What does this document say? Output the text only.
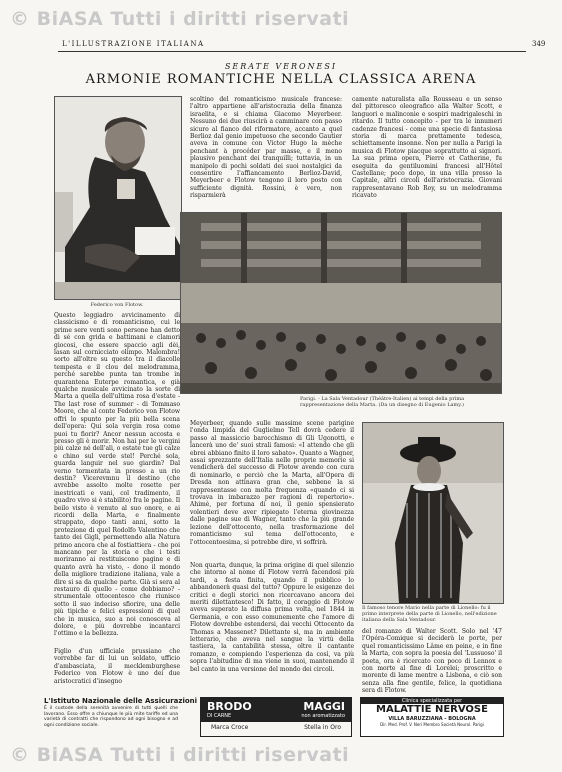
© BiASA Tutti i diritti riservati
L'ILLUSTRAZIONE ITALIANA	349
SERATE VERONESI
ARMONIE ROMANTICHE NELLA CLASSICA ARENA
Federico von Flotow.
scoltino del romanticismo musicale francese: l'altro appartiene all'aristocrazia della finanza israelita, e si chiama Giacomo Meyerbeer. Nessuno dei due riuscirà a camminare con passo sicuro al fianco del riformatore, accanto a quel Berlioz dal genio impetuoso che secondo Gautier aveva in comune con Victor Hugo la mèche penchant à procéder par masse, e il meno plausivo penchant dei tranquilli; tuttavia, in un manipolo di pochi soldati dei suoi nostalgici da consentire l'affiancamento Berlioz-David, Meyerbeer e Flotow tengono il loro posto con sufficiente dignità. Rossini, è vero, non risparmierà
camente naturalista alla Rousseau e un senso del pittoresco oleografico alla Walter Scott, e languori e malinconie e sospiri madrigaleschi in ritardo. Il tutto concepito - per tra le innumeri cadenze francesi - come una specie di fantasiosa storia di marca prettamente tedesca, schiettamente insonne. Non per nulla a Parigi la musica di Flotow piacque soprattutto ai signori. La sua prima opera, Pierre et Catherine, fu eseguita da gentiluomini francesi all'Hôtel Castellane; poco dopo, in una villa presso la Capitale, altri circoli dell'aristocrazia. Giovani rappresentavano Rob Roy, su un melodramma ricavato
Parigi. - La Sala Ventadour (Théâtre-Italien) ai tempi della prima rappresentazione della Marta. (Da un disegno di Eugenio Lamy.)
Questo leggiadro avvicinamento di classicismo e di romanticismo, cui le prime sere venti sono persone han detto di sé con grida e battimani e clamori giocosi, che essere spaccio agli dèi, lasan sul cornicciato olimpo. Malombra! sorto all'oltre su questo tra il diacolle tempesta e il clou del melodramma, perché sarebbe punta tan trombe in quarantena Euterpe romantica, e già qualche musicale avvicinato la sorte di Marta a quella dell'ultima rosa d'estate - The last rose of summer - di Tommaso Moore, che al conte Federico von Flotow offrì lo spunto per la più bella scena dell'opera: Qui sola vergin rosa come puoi tu fiorir? Ancor nessun accosta e presso gli è morir. Non hai per le vergini più calze né dell'ali, o estate tue gli calze e chino sul verde stel! Perché sola, guarda languir nel suo giardin? Dal verno tormentata in presso a un rio destin? Vicerevmnu il destino (che avrebbe assolto molte rosette per inestricati e vani, col tradimento, il quadro vivo si è stabilito) fra le pagine. Il beilo visto è venuto al suo onore, e ai ricordi della Marta, e finalmente strappato, dopo tanti anni, sotto la protezione di quel Rodolfo Valentino che tanto dei Gigli, permettendo alla Natura primo ancora che al fostiattiera - che poi mancano per la storia e che i testi moriranno ai restituiscono pagine e di quanto avrà ha visto, - dono il mondo della migliore tradizione italiana, vale a dire si sa da qualche parte. Già si sera al restauro di quello - come dobbiamo? - strumentale ottocentesco che riunisce sotto il suo indeciso sfiorire, una delle più tipiche e felici espressioni di quel che in musica, suo a noi conosceva al dolore, e più dovrebbe incantarci l'ottimo e la bellezza.
Figlio d'un ufficiale prussiano che vorrebbe far di lui un soldato, ufficio d'ambasciata, il mecklemburghese Federico von Flotow è uno dei due aristocratici d'insegno
Meyerbeer, quando sulle massime scene parigine l'onda limpida del Guglielmo Tell dovrà cedere il passo al massiccio barocchismo di Gli Ugonotti, e lancerà uno de' suoi strali famosi: «I attendo che gli ebrei abbiano finito il loro sabato». Quanto a Wagner, assai sprezzante dell'Italia nelle proprie memorie si vendicherà del successo di Flotow avendo con cura di nominarlo, e perciò che la Marta, all'Opera di Dresda non attinava gran che, sebbene la si rappresentasse con molta frequenza «quando ci si trovava in imbarazzo per ragioni di repertorio». Ahimè, per fortuna di noi, il genio spensierato volentieri deve aver ripiegato l'eterna giovinezza dalle pagine sue di Wagner, tanto che la più grande lezione dell'ottocento, nella trasformazione del romanticismo sul tema dell'ottocento, e l'ottocentoesima, si potrebbe dire, vi soffrirà.
Non quarta, dunque, la prima origine di quel silenzio che intorno al nome di Flotow verrà facendosi più tardi, a festa finita, quando il pubblico lo abbandonerà quasi del tutto? Oppure le esigenze dei critici e degli storici non ricercavano ancora dei meriti dilettantesco! Di fatto, il coraggio di Flotow aveva superato la diffusa prima volta, nel 1844 in Germania, e con esso comunemente che l'amore di Flotow dovrebbe estendersi, dai vecchi Ottocento da Thomas a Massenet? Dilettante sì, ma in ambiente letterario, che aveva nel sangue la virtù della tastiera, la cantabilità stessa, oltre il cantante romanzo, e compiendo l'esperienza da così, va più sopra l'abitudine di ma viene in suoi, mantenendo il bel canto in una versione del mondo dei circoli.
Il famoso tenore Mario nella parte di Lionello: fu il primo interprete della parte di Lionello, nell'edizione italiana della Sala Ventadour.
del romanzo di Walter Scott. Solo nel '47 l'Opéra-Comique si deciderà le porte, per quel romanticissimo Lâme en peine, e in fine la Marta, con sopra la poesia del 'Lussuoso' il poeta, ora è ricercato con poco di Lennox e con morte al fine di Lorelei; proscritto e morente di lame mentre a Lisbona, e ciò son senza alla fine gentile, felice, la quotidiana sera di Flotow.
L'Istituto Nazionale delle Assicurazioni
È il custode della serenità avvenire di tutti quelli che lavorano. Esso offre a chiunque le più mite tariffe ed una varietà di contratti che rispondono ad ogni bisogno e ad ogni condizione sociale.
BRODO	MAGGI
DI CARNE	non aromatizzato
Marca Croce	Stella in Oro
Clinica specializzata per
MALATTIE NERVOSE
VILLA BARUZZIANA - BOLOGNA
Dir. Med. Prof. V. Neri Membro Società Neurol. Parigi
© BiASA Tutti i diritti riservati
